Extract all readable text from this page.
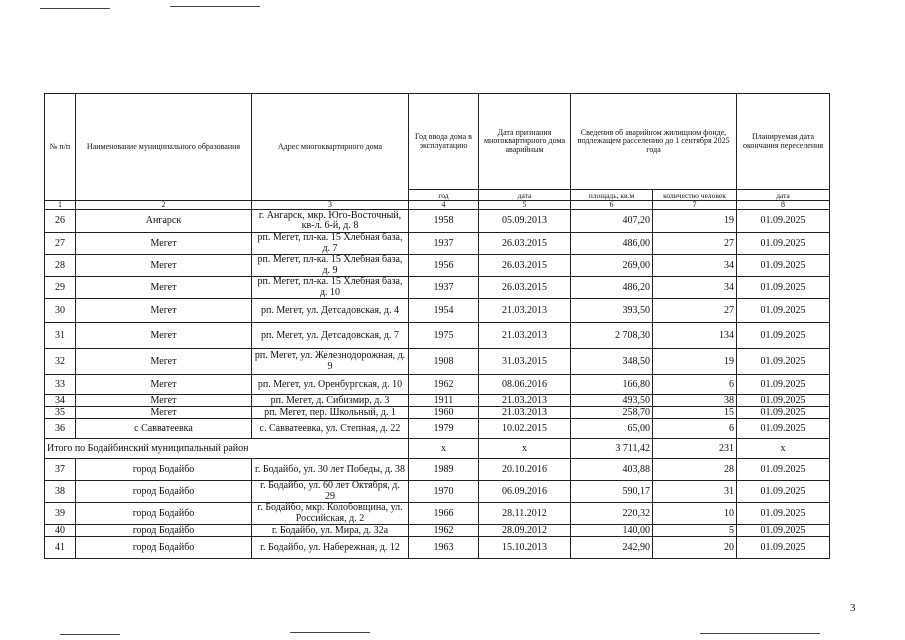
№ п/п	Наименование муниципального образования	Адрес многоквартирного дома	Год ввода дома в эксплуатацию	Дата признания многоквартирного дома аварийным	Сведения об аварийном жилищном фонде, подлежащем расселению до 1 сентября 2025 года		Планируемая дата окончания переселения
			год	дата	площадь, кв.м	количество человек	дата
1	2	3	4	5	6	7	8
26	Ангарск	г. Ангарск, мкр. Юго-Восточный, кв-л. 6-й, д. 8	1958	05.09.2013	407,20	19	01.09.2025
27	Мегет	рп. Мегет, пл-ка. 15 Хлебная база, д. 7	1937	26.03.2015	486,00	27	01.09.2025
28	Мегет	рп. Мегет, пл-ка. 15 Хлебная база, д. 9	1956	26.03.2015	269,00	34	01.09.2025
29	Мегет	рп. Мегет, пл-ка. 15 Хлебная база, д. 10	1937	26.03.2015	486,20	34	01.09.2025
30	Мегет	рп. Мегет, ул. Детсадовская, д. 4	1954	21.03.2013	393,50	27	01.09.2025
31	Мегет	рп. Мегет, ул. Детсадовская, д. 7	1975	21.03.2013	2 708,30	134	01.09.2025
32	Мегет	рп. Мегет, ул. Железнодорожная, д. 9	1908	31.03.2015	348,50	19	01.09.2025
33	Мегет	рп. Мегет, ул. Оренбургская, д. 10	1962	08.06.2016	166,80	6	01.09.2025
34	Мегет	рп. Мегет, д. Сибизмир, д. 3	1911	21.03.2013	493,50	38	01.09.2025
35	Мегет	рп. Мегет, пер. Школьный, д. 1	1960	21.03.2013	258,70	15	01.09.2025
36	с Савватеевка	с. Савватеевка, ул. Степная, д. 22	1979	10.02.2015	65,00	6	01.09.2025
Итого по Бодайбинский муниципальный район			x	x	3 711,42	231	x
37	город Бодайбо	г. Бодайбо, ул. 30 лет Победы, д. 38	1989	20.10.2016	403,88	28	01.09.2025
38	город Бодайбо	г. Бодайбо, ул. 60 лет Октября, д. 29	1970	06.09.2016	590,17	31	01.09.2025
39	город Бодайбо	г. Бодайбо, мкр. Колобовщина, ул. Российская, д. 2	1966	28.11.2012	220,32	10	01.09.2025
40	город Бодайбо	г. Бодайбо, ул. Мира, д. 32а	1962	28.09.2012	140,00	5	01.09.2025
41	город Бодайбо	г. Бодайбо, ул. Набережная, д. 12	1963	15.10.2013	242,90	20	01.09.2025
3
